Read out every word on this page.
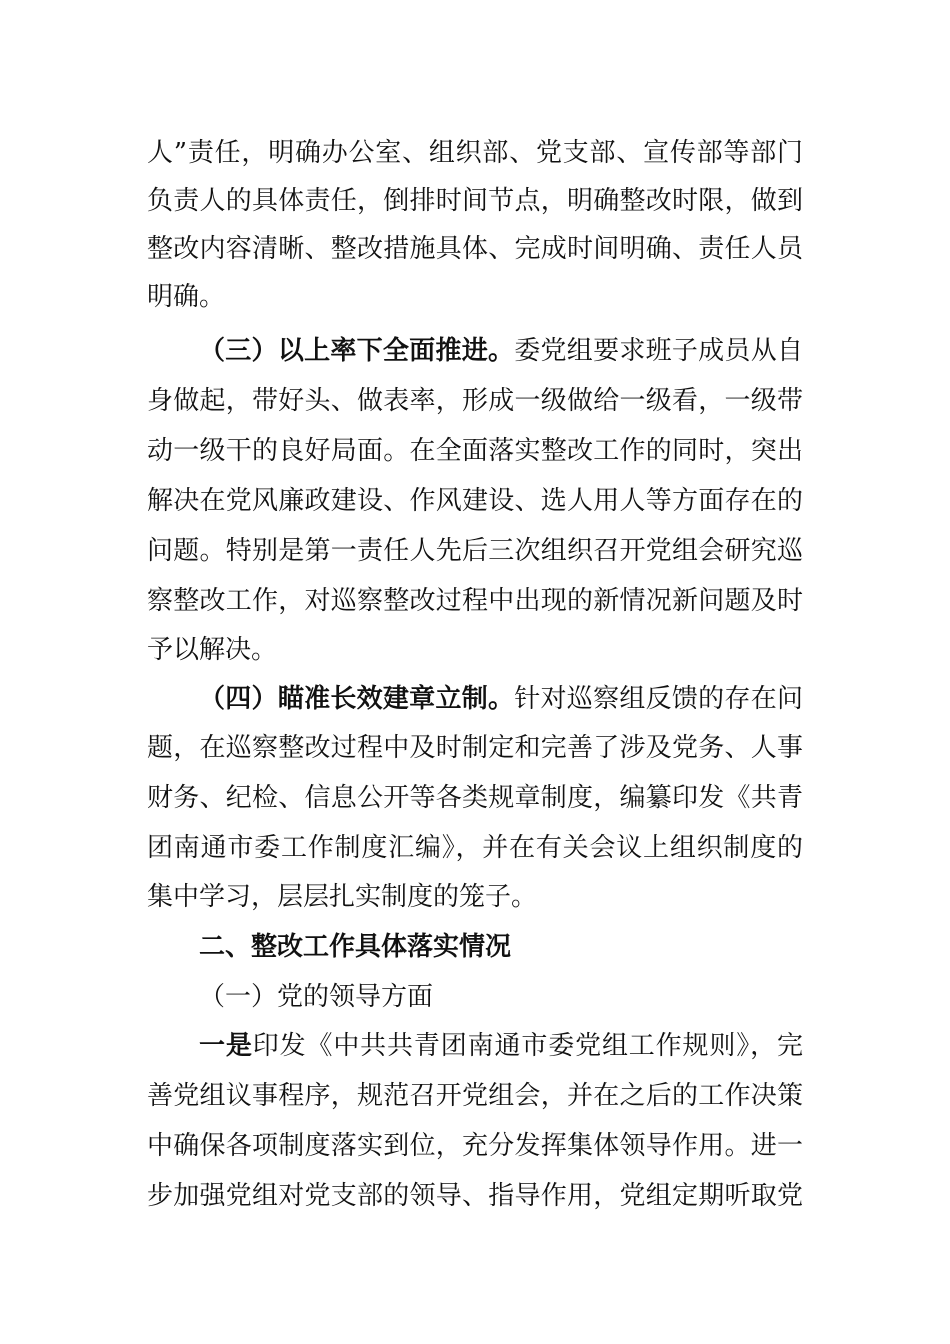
人”责任，明确办公室、组织部、党支部、宣传部等部门
负责人的具体责任，倒排时间节点，明确整改时限，做到
整改内容清晰、整改措施具体、完成时间明确、责任人员
明确。
（三）以上率下全面推进。委党组要求班子成员从自
身做起，带好头、做表率，形成一级做给一级看，一级带
动一级干的良好局面。在全面落实整改工作的同时，突出
解决在党风廉政建设、作风建设、选人用人等方面存在的
问题。特别是第一责任人先后三次组织召开党组会研究巡
察整改工作，对巡察整改过程中出现的新情况新问题及时
予以解决。
（四）瞄准长效建章立制。针对巡察组反馈的存在问
题，在巡察整改过程中及时制定和完善了涉及党务、人事
财务、纪检、信息公开等各类规章制度，编纂印发《共青
团南通市委工作制度汇编》，并在有关会议上组织制度的
集中学习，层层扎实制度的笼子。
二、整改工作具体落实情况
（一）党的领导方面
一是印发《中共共青团南通市委党组工作规则》，完
善党组议事程序，规范召开党组会，并在之后的工作决策
中确保各项制度落实到位，充分发挥集体领导作用。进一
步加强党组对党支部的领导、指导作用，党组定期听取党
